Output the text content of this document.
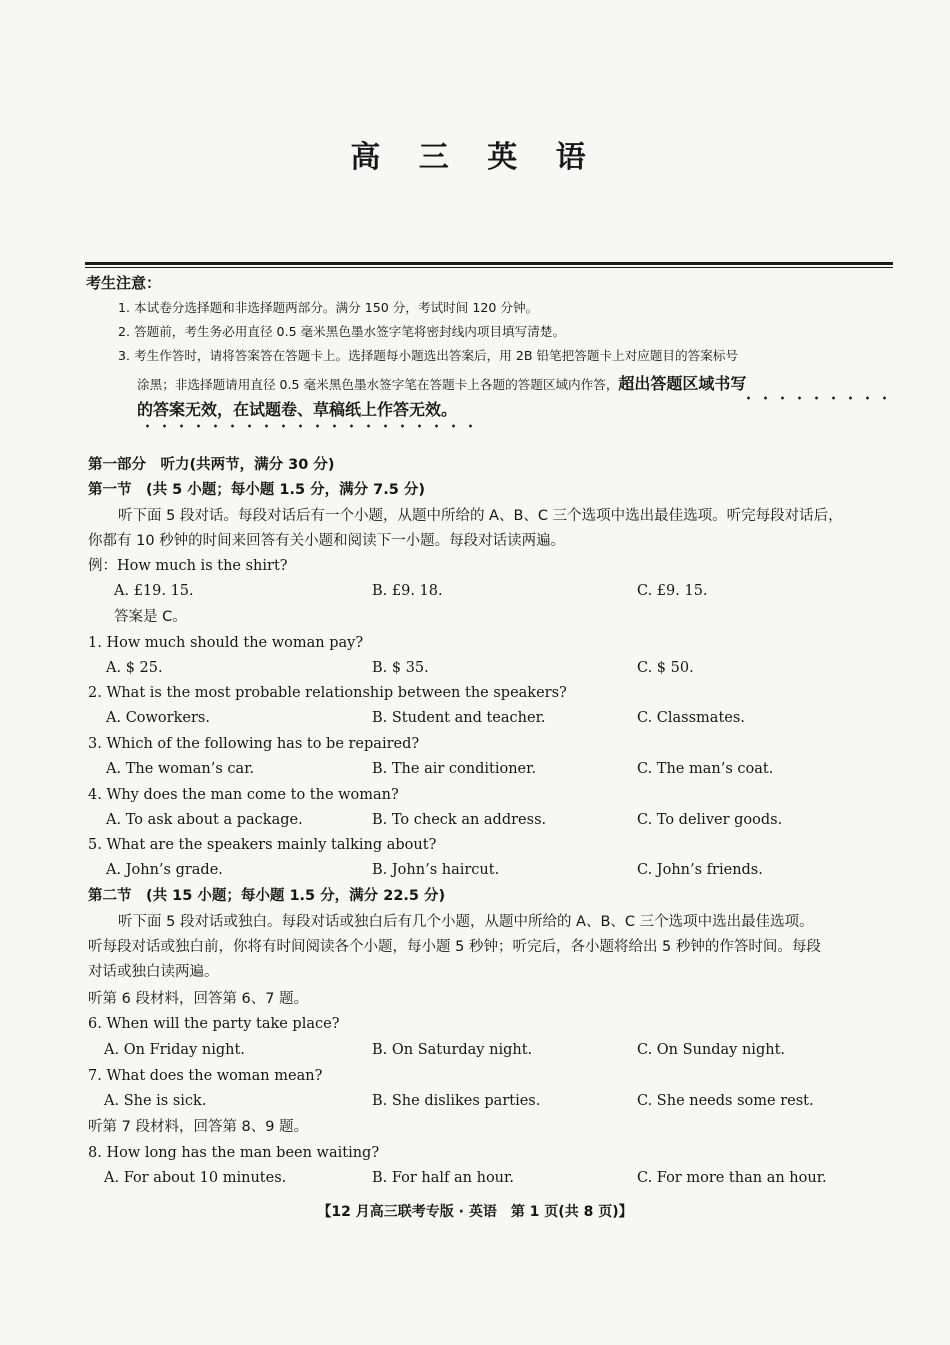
高 三 英 语
考生注意：
1. 本试卷分选择题和非选择题两部分。满分 150 分，考试时间 120 分钟。
2. 答题前，考生务必用直径 0.5 毫米黑色墨水签字笔将密封线内项目填写清楚。
3. 考生作答时，请将答案答在答题卡上。选择题每小题选出答案后，用 2B 铅笔把答题卡上对应题目的答案标号
涂黑；非选择题请用直径 0.5 毫米黑色墨水签字笔在答题卡上各题的答题区域内作答，超出答题区域书写
的答案无效，在试题卷、草稿纸上作答无效。
第一部分　听力(共两节，满分 30 分)
第一节　(共 5 小题；每小题 1.5 分，满分 7.5 分)
听下面 5 段对话。每段对话后有一个小题，从题中所给的 A、B、C 三个选项中选出最佳选项。听完每段对话后，
你都有 10 秒钟的时间来回答有关小题和阅读下一小题。每段对话读两遍。
例：How much is the shirt?
A. £19. 15.	B. £9. 18.	C. £9. 15.
答案是 C。
1. How much should the woman pay?
A. $ 25.	B. $ 35.	C. $ 50.
2. What is the most probable relationship between the speakers?
A. Coworkers.	B. Student and teacher.	C. Classmates.
3. Which of the following has to be repaired?
A. The woman’s car.	B. The air conditioner.	C. The man’s coat.
4. Why does the man come to the woman?
A. To ask about a package.	B. To check an address.	C. To deliver goods.
5. What are the speakers mainly talking about?
A. John’s grade.	B. John’s haircut.	C. John’s friends.
第二节　(共 15 小题；每小题 1.5 分，满分 22.5 分)
听下面 5 段对话或独白。每段对话或独白后有几个小题，从题中所给的 A、B、C 三个选项中选出最佳选项。
听每段对话或独白前，你将有时间阅读各个小题，每小题 5 秒钟；听完后，各小题将给出 5 秒钟的作答时间。每段
对话或独白读两遍。
听第 6 段材料，回答第 6、7 题。
6. When will the party take place?
A. On Friday night.	B. On Saturday night.	C. On Sunday night.
7. What does the woman mean?
A. She is sick.	B. She dislikes parties.	C. She needs some rest.
听第 7 段材料，回答第 8、9 题。
8. How long has the man been waiting?
A. For about 10 minutes.	B. For half an hour.	C. For more than an hour.
【12 月高三联考专版 · 英语　第 1 页(共 8 页)】
